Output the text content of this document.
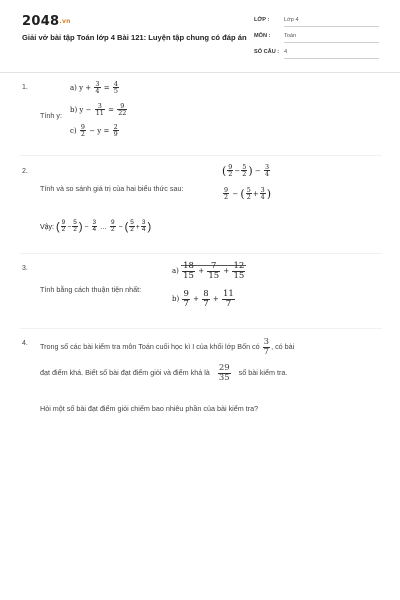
2048.vn
Giải vở bài tập Toán lớp 4 Bài 121: Luyện tập chung có đáp án
LỚP :	Lớp 4
MÔN :	Toán
SỐ CÂU : 4
1.
Tính y:
a) $y + \frac{3}{4} = \frac{4}{5}$
b) $y - \frac{3}{11} = \frac{9}{22}$
$c) \frac{9}{2} - y = \frac{2}{9}$
2.
Tính và so sánh giá trị của hai biểu thức sau:
( $\frac{9}{2} - \frac{5}{2}$ ) − $\frac{3}{4}$
$\frac{9}{2}$ − ( $\frac{5}{2} + \frac{3}{4}$ )
Vậy: ( $\frac{9}{2} - \frac{5}{2}$ ) − $\frac{3}{4}$ … $\frac{9}{2}$ − ( $\frac{5}{2} + \frac{3}{4}$ )
3.
Tính bằng cách thuận tiện nhất:
$a) \frac{18}{15} + \frac{7}{15} + \frac{12}{15}$
$b) \frac{9}{7} + \frac{8}{7} + \frac{11}{7}$
4. Trong số các bài kiểm tra môn Toán cuối học kì I của khối lớp Bốn có $\frac{3}{7}$ , có bài
đạt điểm khá. Biết số bài đạt điểm giỏi và điểm khá là $\frac{29}{35}$ số bài kiểm tra.
Hỏi một số bài đạt điểm giỏi chiếm bao nhiêu phần của bài kiểm tra?
